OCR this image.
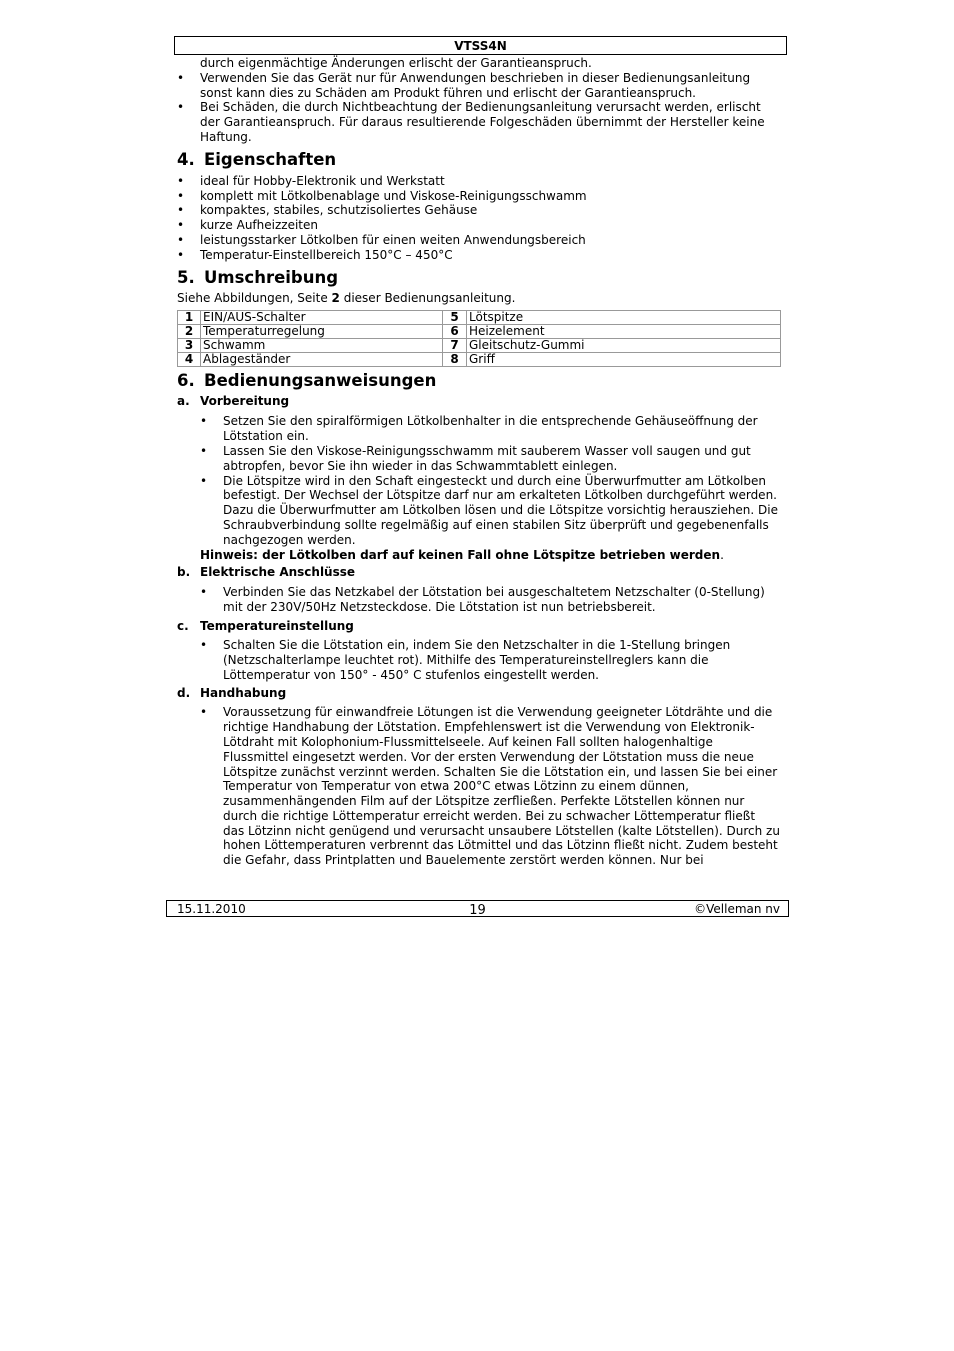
VTSS4N
durch eigenmächtige Änderungen erlischt der Garantieanspruch.
• Verwenden Sie das Gerät nur für Anwendungen beschrieben in dieser Bedienungsanleitung sonst kann dies zu Schäden am Produkt führen und erlischt der Garantieanspruch.
• Bei Schäden, die durch Nichtbeachtung der Bedienungsanleitung verursacht werden, erlischt der Garantieanspruch. Für daraus resultierende Folgeschäden übernimmt der Hersteller keine Haftung.
4. Eigenschaften
• ideal für Hobby-Elektronik und Werkstatt
• komplett mit Lötkolbenablage und Viskose-Reinigungsschwamm
• kompaktes, stabiles, schutzisoliertes Gehäuse
• kurze Aufheizzeiten
• leistungsstarker Lötkolben für einen weiten Anwendungsbereich
• Temperatur-Einstellbereich 150°C – 450°C
5. Umschreibung
Siehe Abbildungen, Seite 2 dieser Bedienungsanleitung.
1	EIN/AUS-Schalter	5	Lötspitze
2	Temperaturregelung	6	Heizelement
3	Schwamm	7	Gleitschutz-Gummi
4	Ablageständer	8	Griff
6. Bedienungsanweisungen
a. Vorbereitung
• Setzen Sie den spiralförmigen Lötkolbenhalter in die entsprechende Gehäuseöffnung der Lötstation ein.
• Lassen Sie den Viskose-Reinigungsschwamm mit sauberem Wasser voll saugen und gut abtropfen, bevor Sie ihn wieder in das Schwammtablett einlegen.
• Die Lötspitze wird in den Schaft eingesteckt und durch eine Überwurfmutter am Lötkolben befestigt. Der Wechsel der Lötspitze darf nur am erkalteten Lötkolben durchgeführt werden. Dazu die Überwurfmutter am Lötkolben lösen und die Lötspitze vorsichtig herausziehen. Die Schraubverbindung sollte regelmäßig auf einen stabilen Sitz überprüft und gegebenenfalls nachgezogen werden.
Hinweis: der Lötkolben darf auf keinen Fall ohne Lötspitze betrieben werden.
b. Elektrische Anschlüsse
• Verbinden Sie das Netzkabel der Lötstation bei ausgeschaltetem Netzschalter (0-Stellung) mit der 230V/50Hz Netzsteckdose. Die Lötstation ist nun betriebsbereit.
c. Temperatureinstellung
• Schalten Sie die Lötstation ein, indem Sie den Netzschalter in die 1-Stellung bringen (Netzschalterlampe leuchtet rot). Mithilfe des Temperatureinstellreglers kann die Löttemperatur von 150° - 450° C stufenlos eingestellt werden.
d. Handhabung
• Voraussetzung für einwandfreie Lötungen ist die Verwendung geeigneter Lötdrähte und die richtige Handhabung der Lötstation. Empfehlenswert ist die Verwendung von Elektronik-Lötdraht mit Kolophonium-Flussmittelseele. Auf keinen Fall sollten halogenhaltige Flussmittel eingesetzt werden. Vor der ersten Verwendung der Lötstation muss die neue Lötspitze zunächst verzinnt werden. Schalten Sie die Lötstation ein, und lassen Sie bei einer Temperatur von Temperatur von etwa 200°C etwas Lötzinn zu einem dünnen, zusammenhängenden Film auf der Lötspitze zerfließen. Perfekte Lötstellen können nur durch die richtige Löttemperatur erreicht werden. Bei zu schwacher Löttemperatur fließt das Lötzinn nicht genügend und verursacht unsaubere Lötstellen (kalte Lötstellen). Durch zu hohen Löttemperaturen verbrennt das Lötmittel und das Lötzinn fließt nicht. Zudem besteht die Gefahr, dass Printplatten und Bauelemente zerstört werden können. Nur bei
15.11.2010	19	©Velleman nv
